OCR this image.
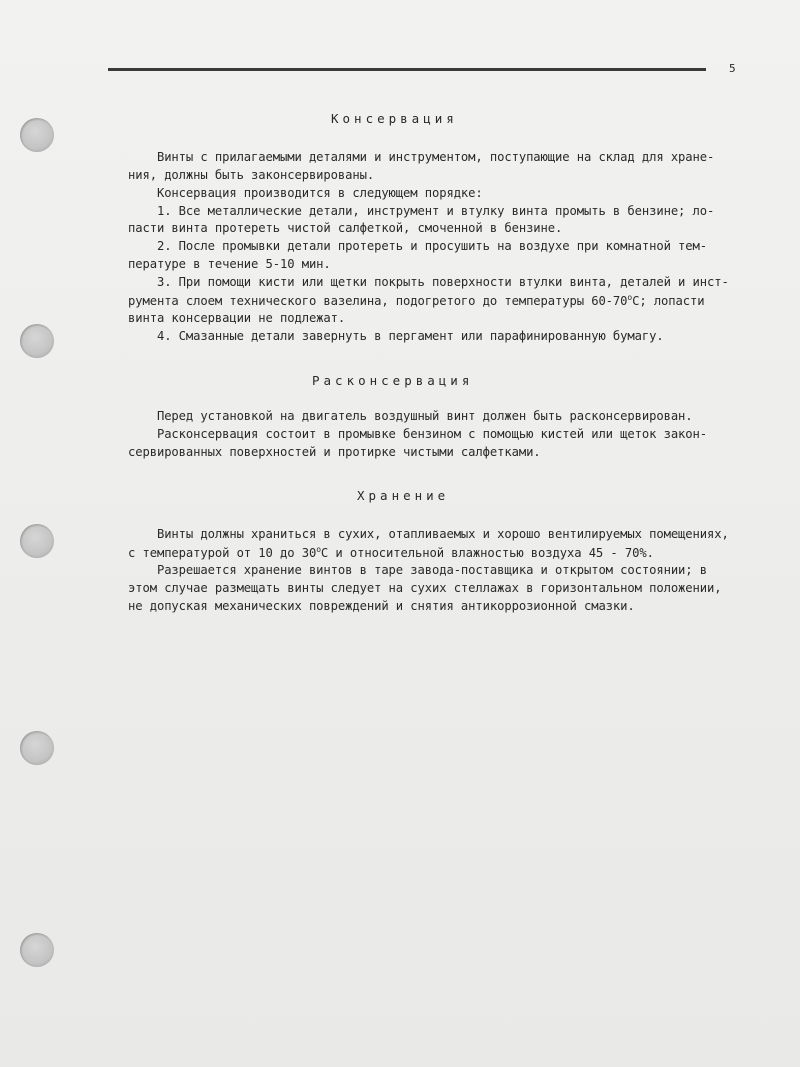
5
Консервация
Винты с прилагаемыми деталями и инструментом, поступающие на склад для хране-
ния, должны быть законсервированы.
Консервация производится в следующем порядке:
1. Все металлические детали, инструмент и втулку винта промыть в бензине; ло-
пасти винта протереть чистой салфеткой, смоченной в бензине.
2. После промывки детали протереть и просушить на воздухе при комнатной тем-
пературе в течение 5-10 мин.
3. При помощи кисти или щетки покрыть поверхности втулки винта, деталей и инст-
румента слоем технического вазелина, подогретого до температуры 60-70$^o$C; лопасти
винта консервации не подлежат.
4. Смазанные детали завернуть в пергамент или парафинированную бумагу.
Расконсервация
Перед установкой на двигатель воздушный винт должен быть расконсервирован.
Расконсервация состоит в промывке бензином с помощью кистей или щеток закон-
сервированных поверхностей и протирке чистыми салфетками.
Хранение
Винты должны храниться в сухих, отапливаемых и хорошо вентилируемых помещениях,
с температурой от 10 до 30$^o$C и относительной влажностью воздуха 45 - 70%.
Разрешается хранение винтов в таре завода-поставщика и открытом состоянии; в
этом случае размещать винты следует на сухих стеллажах в горизонтальном положении,
не допуская механических повреждений и снятия антикоррозионной смазки.
